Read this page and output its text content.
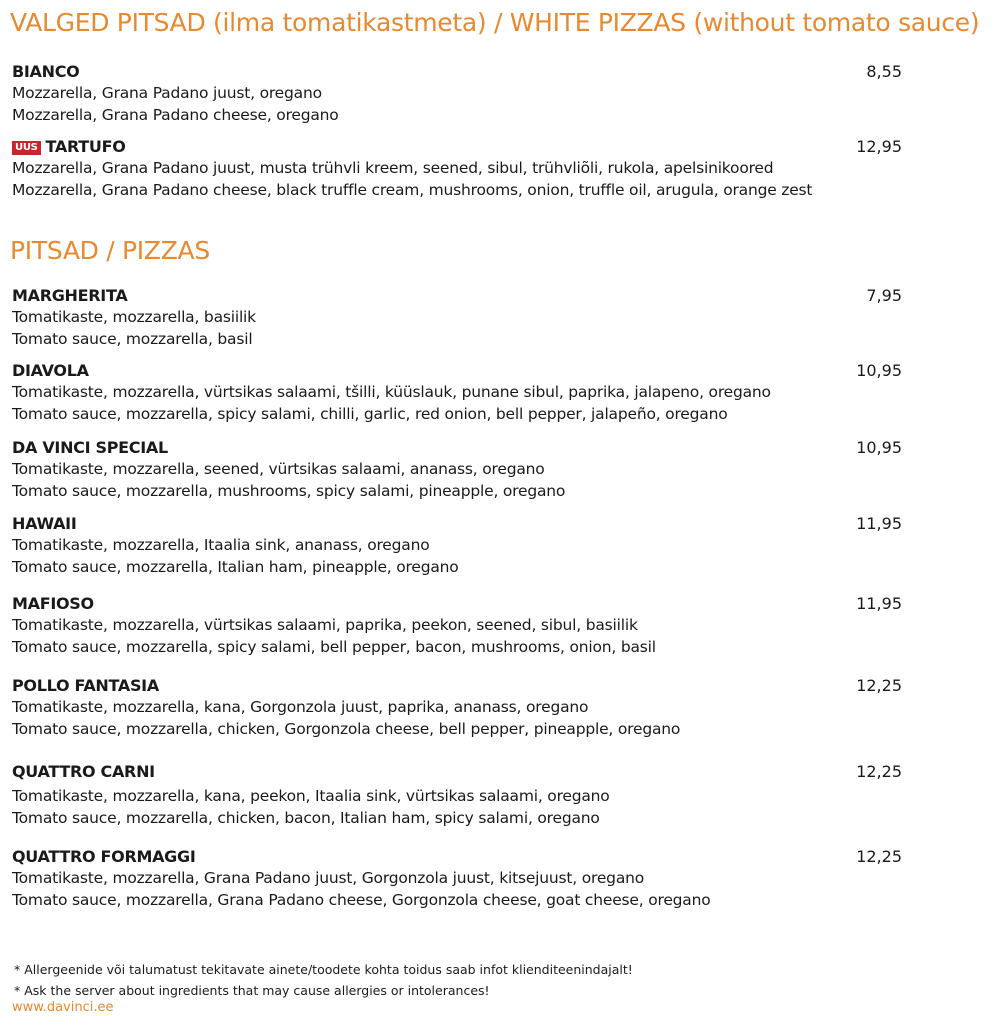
VALGED PITSAD (ilma tomatikastmeta) / WHITE PIZZAS (without tomato sauce)
BIANCO	8,55
Mozzarella, Grana Padano juust, oregano
Mozzarella, Grana Padano cheese, oregano
UUS TARTUFO	12,95
Mozzarella, Grana Padano juust, musta trühvli kreem, seened, sibul, trühvliõli, rukola, apelsinikoored
Mozzarella, Grana Padano cheese, black truffle cream, mushrooms, onion, truffle oil, arugula, orange zest
PITSAD / PIZZAS
MARGHERITA	7,95
Tomatikaste, mozzarella, basiilik
Tomato sauce, mozzarella, basil
DIAVOLA	10,95
Tomatikaste, mozzarella, vürtsikas salaami, tšilli, küüslauk, punane sibul, paprika, jalapeno, oregano
Tomato sauce, mozzarella, spicy salami, chilli, garlic, red onion, bell pepper, jalapeño, oregano
DA VINCI SPECIAL	10,95
Tomatikaste, mozzarella, seened, vürtsikas salaami, ananass, oregano
Tomato sauce, mozzarella, mushrooms, spicy salami, pineapple, oregano
HAWAII	11,95
Tomatikaste, mozzarella, Itaalia sink, ananass, oregano
Tomato sauce, mozzarella, Italian ham, pineapple, oregano
MAFIOSO	11,95
Tomatikaste, mozzarella, vürtsikas salaami, paprika, peekon, seened, sibul, basiilik
Tomato sauce, mozzarella, spicy salami, bell pepper, bacon, mushrooms, onion, basil
POLLO FANTASIA	12,25
Tomatikaste, mozzarella, kana, Gorgonzola juust, paprika, ananass, oregano
Tomato sauce, mozzarella, chicken, Gorgonzola cheese, bell pepper, pineapple, oregano
QUATTRO CARNI	12,25
Tomatikaste, mozzarella, kana, peekon, Itaalia sink, vürtsikas salaami, oregano
Tomato sauce, mozzarella, chicken, bacon, Italian ham, spicy salami, oregano
QUATTRO FORMAGGI	12,25
Tomatikaste, mozzarella, Grana Padano juust, Gorgonzola juust, kitsejuust, oregano
Tomato sauce, mozzarella, Grana Padano cheese, Gorgonzola cheese, goat cheese, oregano
* Allergeenide või talumatust tekitavate ainete/toodete kohta toidus saab infot klienditeenindajalt!
* Ask the server about ingredients that may cause allergies or intolerances!
www.davinci.ee
